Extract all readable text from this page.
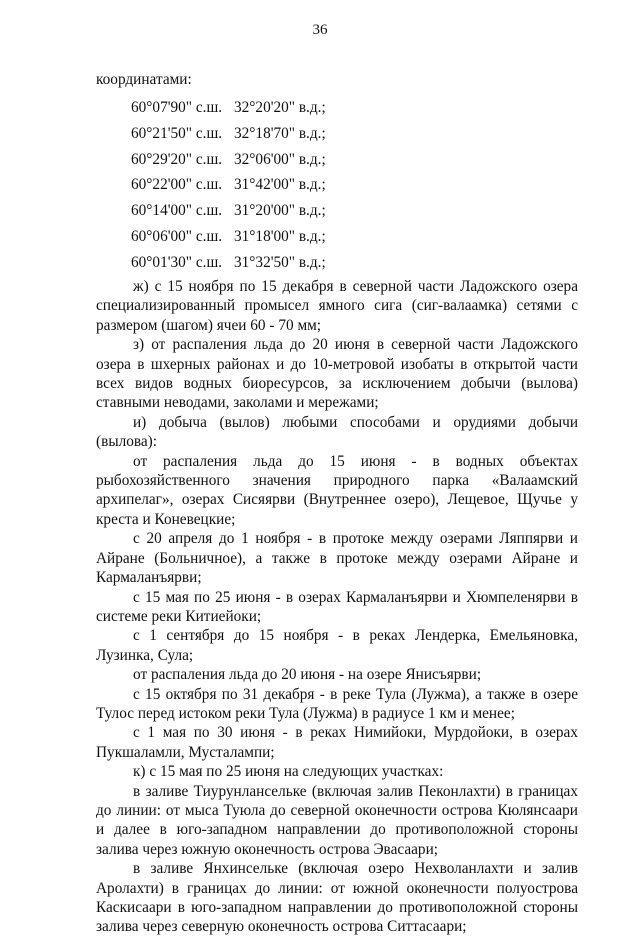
36
координатами:
60°07'90" с.ш. 32°20'20" в.д.;
60°21'50" с.ш. 32°18'70" в.д.;
60°29'20" с.ш. 32°06'00" в.д.;
60°22'00" с.ш. 31°42'00" в.д.;
60°14'00" с.ш. 31°20'00" в.д.;
60°06'00" с.ш. 31°18'00" в.д.;
60°01'30" с.ш. 31°32'50" в.д.;

ж) с 15 ноября по 15 декабря в северной части Ладожского озера специализированный промысел ямного сига (сиг-валаамка) сетями с размером (шагом) ячеи 60 - 70 мм;

з) от распаления льда до 20 июня в северной части Ладожского озера в шхерных районах и до 10-метровой изобаты в открытой части всех видов водных биоресурсов, за исключением добычи (вылова) ставными неводами, заколами и мережами;

и) добыча (вылов) любыми способами и орудиями добычи (вылова):

от распаления льда до 15 июня - в водных объектах рыбохозяйственного значения природного парка «Валаамский архипелаг», озерах Сисяярви (Внутреннее озеро), Лещевое, Щучье у креста и Коневецкие;

с 20 апреля до 1 ноября - в протоке между озерами Ляппярви и Айране (Больничное), а также в протоке между озерами Айране и Кармаланъярви;

с 15 мая по 25 июня - в озерах Кармаланъярви и Хюмпеленярви в системе реки Китиейоки;

с 1 сентября до 15 ноября - в реках Лендерка, Емельяновка, Лузинка, Сула;

от распаления льда до 20 июня - на озере Янисъярви;

с 15 октября по 31 декабря - в реке Тула (Лужма), а также в озере Тулос перед истоком реки Тула (Лужма) в радиусе 1 км и менее;

с 1 мая по 30 июня - в реках Нимийоки, Мурдойоки, в озерах Пукшаламли, Мусталампи;

к) с 15 мая по 25 июня на следующих участках:

в заливе Тиурунлансельке (включая залив Пеконлахти) в границах до линии: от мыса Туюла до северной оконечности острова Кюлянсаари и далее в юго-западном направлении до противоположной стороны залива через южную оконечность острова Эвасаари;

в заливе Янхинсельке (включая озеро Нехволанлахти и залив Аролахти) в границах до линии: от южной оконечности полуострова Каскисаари в юго-западном направлении до противоположной стороны залива через северную оконечность острова Ситтасаари;
